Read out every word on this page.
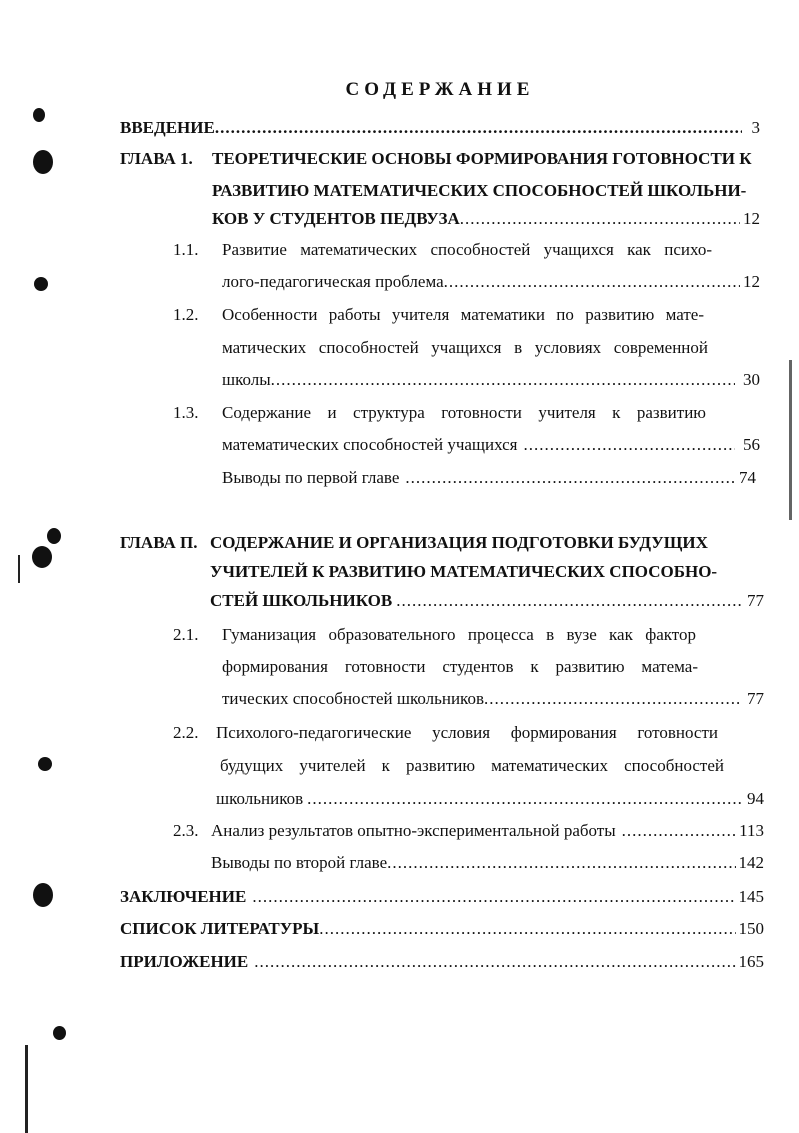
СОДЕРЖАНИЕ
ВВЕДЕНИЕ .....	3
ГЛАВА 1. ТЕОРЕТИЧЕСКИЕ ОСНОВЫ ФОРМИРОВАНИЯ ГОТОВНОСТИ К
РАЗВИТИЮ МАТЕМАТИЧЕСКИХ СПОСОБНОСТЕЙ ШКОЛЬНИ-
КОВ У СТУДЕНТОВ ПЕДВУЗА .....	12
1.1. Развитие математических способностей учащихся как психо-
лого-педагогическая проблема .....	12
1.2. Особенности работы учителя математики по развитию мате-
матических способностей учащихся в условиях современной
школы .....	30
1.3. Содержание и структура готовности учителя к развитию
математических способностей учащихся .....	56
Выводы по первой главе .....	74
ГЛАВА П. СОДЕРЖАНИЕ И ОРГАНИЗАЦИЯ ПОДГОТОВКИ БУДУЩИХ
УЧИТЕЛЕЙ К РАЗВИТИЮ МАТЕМАТИЧЕСКИХ СПОСОБНО-
СТЕЙ ШКОЛЬНИКОВ .....	77
2.1. Гуманизация образовательного процесса в вузе как фактор
формирования готовности студентов к развитию матема-
тических способностей школьников .....	77
2.2. Психолого-педагогические условия формирования готовности
будущих учителей к развитию математических способностей
школьников .....	94
2.3. Анализ результатов опытно-экспериментальной работы .....	113
Выводы по второй главе .....	142
ЗАКЛЮЧЕНИЕ .....	145
СПИСОК ЛИТЕРАТУРЫ .....	150
ПРИЛОЖЕНИЕ .....	165
